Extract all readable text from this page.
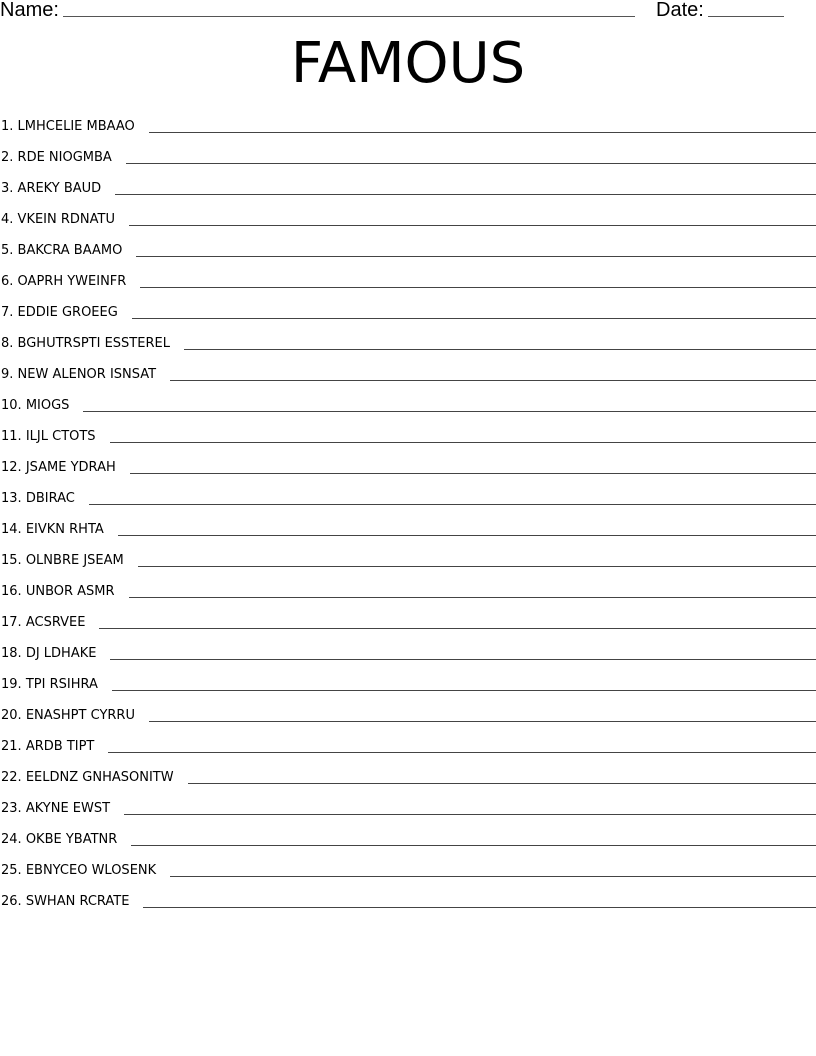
Name:	Date:
FAMOUS
1. LMHCELIE MBAAO
2. RDE NIOGMBA
3. AREKY BAUD
4. VKEIN RDNATU
5. BAKCRA BAAMO
6. OAPRH YWEINFR
7. EDDIE GROEEG
8. BGHUTRSPTI ESSTEREL
9. NEW ALENOR ISNSAT
10. MIOGS
11. ILJL CTOTS
12. JSAME YDRAH
13. DBIRAC
14. EIVKN RHTA
15. OLNBRE JSEAM
16. UNBOR ASMR
17. ACSRVEE
18. DJ LDHAKE
19. TPI RSIHRA
20. ENASHPT CYRRU
21. ARDB TIPT
22. EELDNZ GNHASONITW
23. AKYNE EWST
24. OKBE YBATNR
25. EBNYCEO WLOSENK
26. SWHAN RCRATE
